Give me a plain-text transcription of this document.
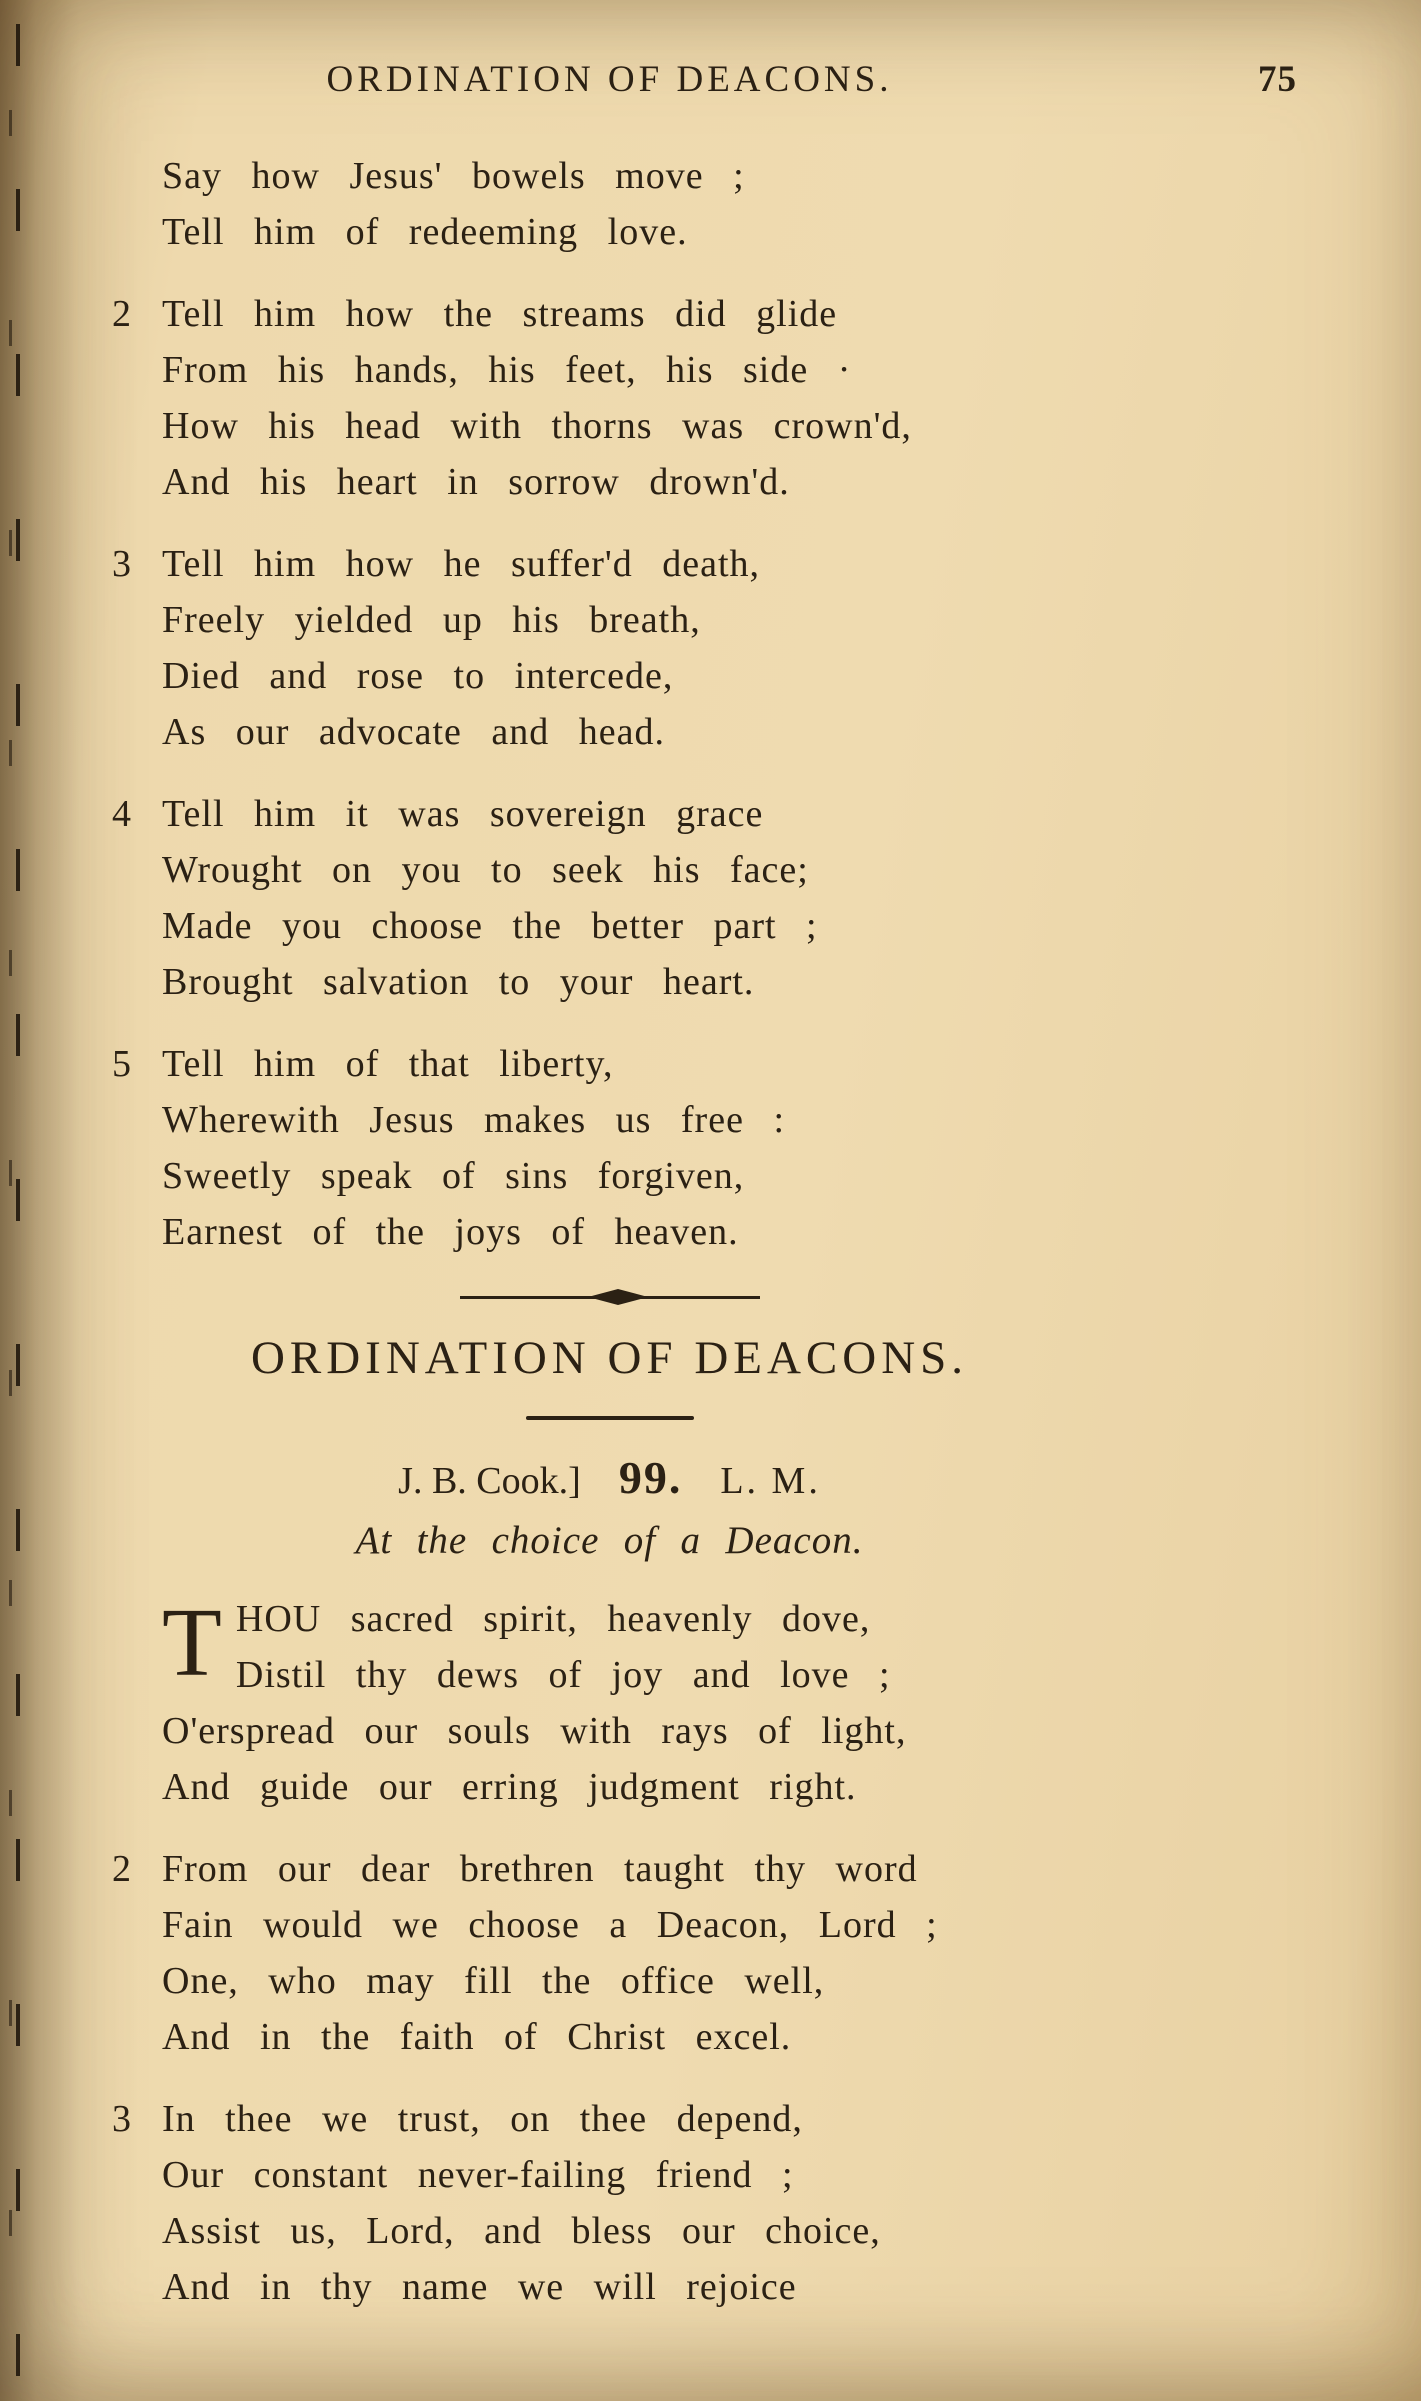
ORDINATION OF DEACONS.	75
Say how Jesus' bowels move ;
Tell him of redeeming love.
2 Tell him how the streams did glide
From his hands, his feet, his side ·
How his head with thorns was crown'd,
And his heart in sorrow drown'd.
3 Tell him how he suffer'd death,
Freely yielded up his breath,
Died and rose to intercede,
As our advocate and head.
4 Tell him it was sovereign grace
Wrought on you to seek his face;
Made you choose the better part ;
Brought salvation to your heart.
5 Tell him of that liberty,
Wherewith Jesus makes us free :
Sweetly speak of sins forgiven,
Earnest of the joys of heaven.
ORDINATION OF DEACONS.
J. B. Cook.] 99. L. M.
At the choice of a Deacon.
T HOU sacred spirit, heavenly dove,
Distil thy dews of joy and love ;
O'erspread our souls with rays of light,
And guide our erring judgment right.
2 From our dear brethren taught thy word
Fain would we choose a Deacon, Lord ;
One, who may fill the office well,
And in the faith of Christ excel.
3 In thee we trust, on thee depend,
Our constant never-failing friend ;
Assist us, Lord, and bless our choice,
And in thy name we will rejoice
